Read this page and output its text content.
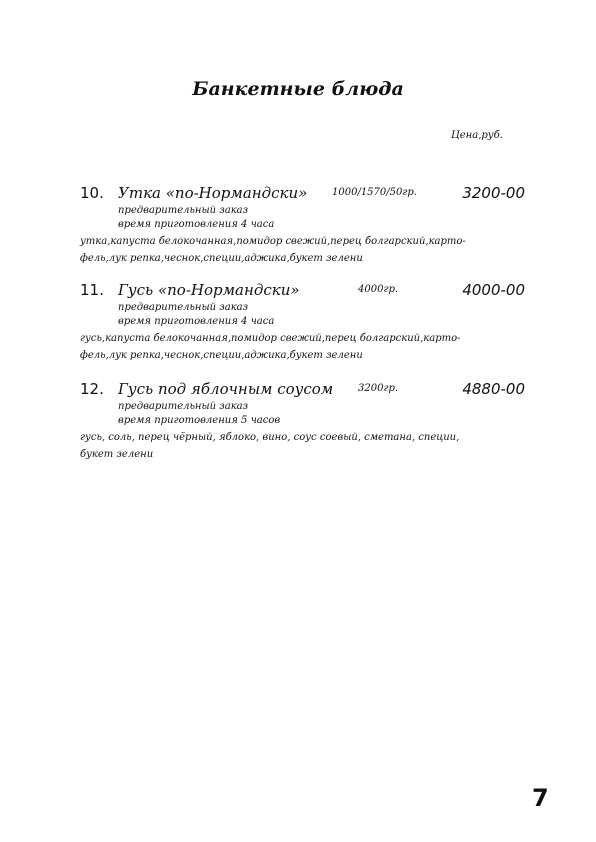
Банкетные блюда
Цена,руб.
10. Утка «по-Нормандски» 1000/1570/50гр.	3200-00
предварительный заказ
время приготовления 4 часа
утка,капуста белокочанная,помидор свежий,перец болгарский,карто-
фель,лук репка,чеснок,специи,аджика,букет зелени
11. Гусь «по-Нормандски»	4000гр.	4000-00
предварительный заказ
время приготовления 4 часа
гусь,капуста белокочанная,помидор свежий,перец болгарский,карто-
фель,лук репка,чеснок,специи,аджика,букет зелени
12. Гусь под яблочным соусом 3200гр.	4880-00
предварительный заказ
время приготовления 5 часов
гусь, соль, перец чёрный, яблоко, вино, соус соевый, сметана, специи,
букет зелени
7
